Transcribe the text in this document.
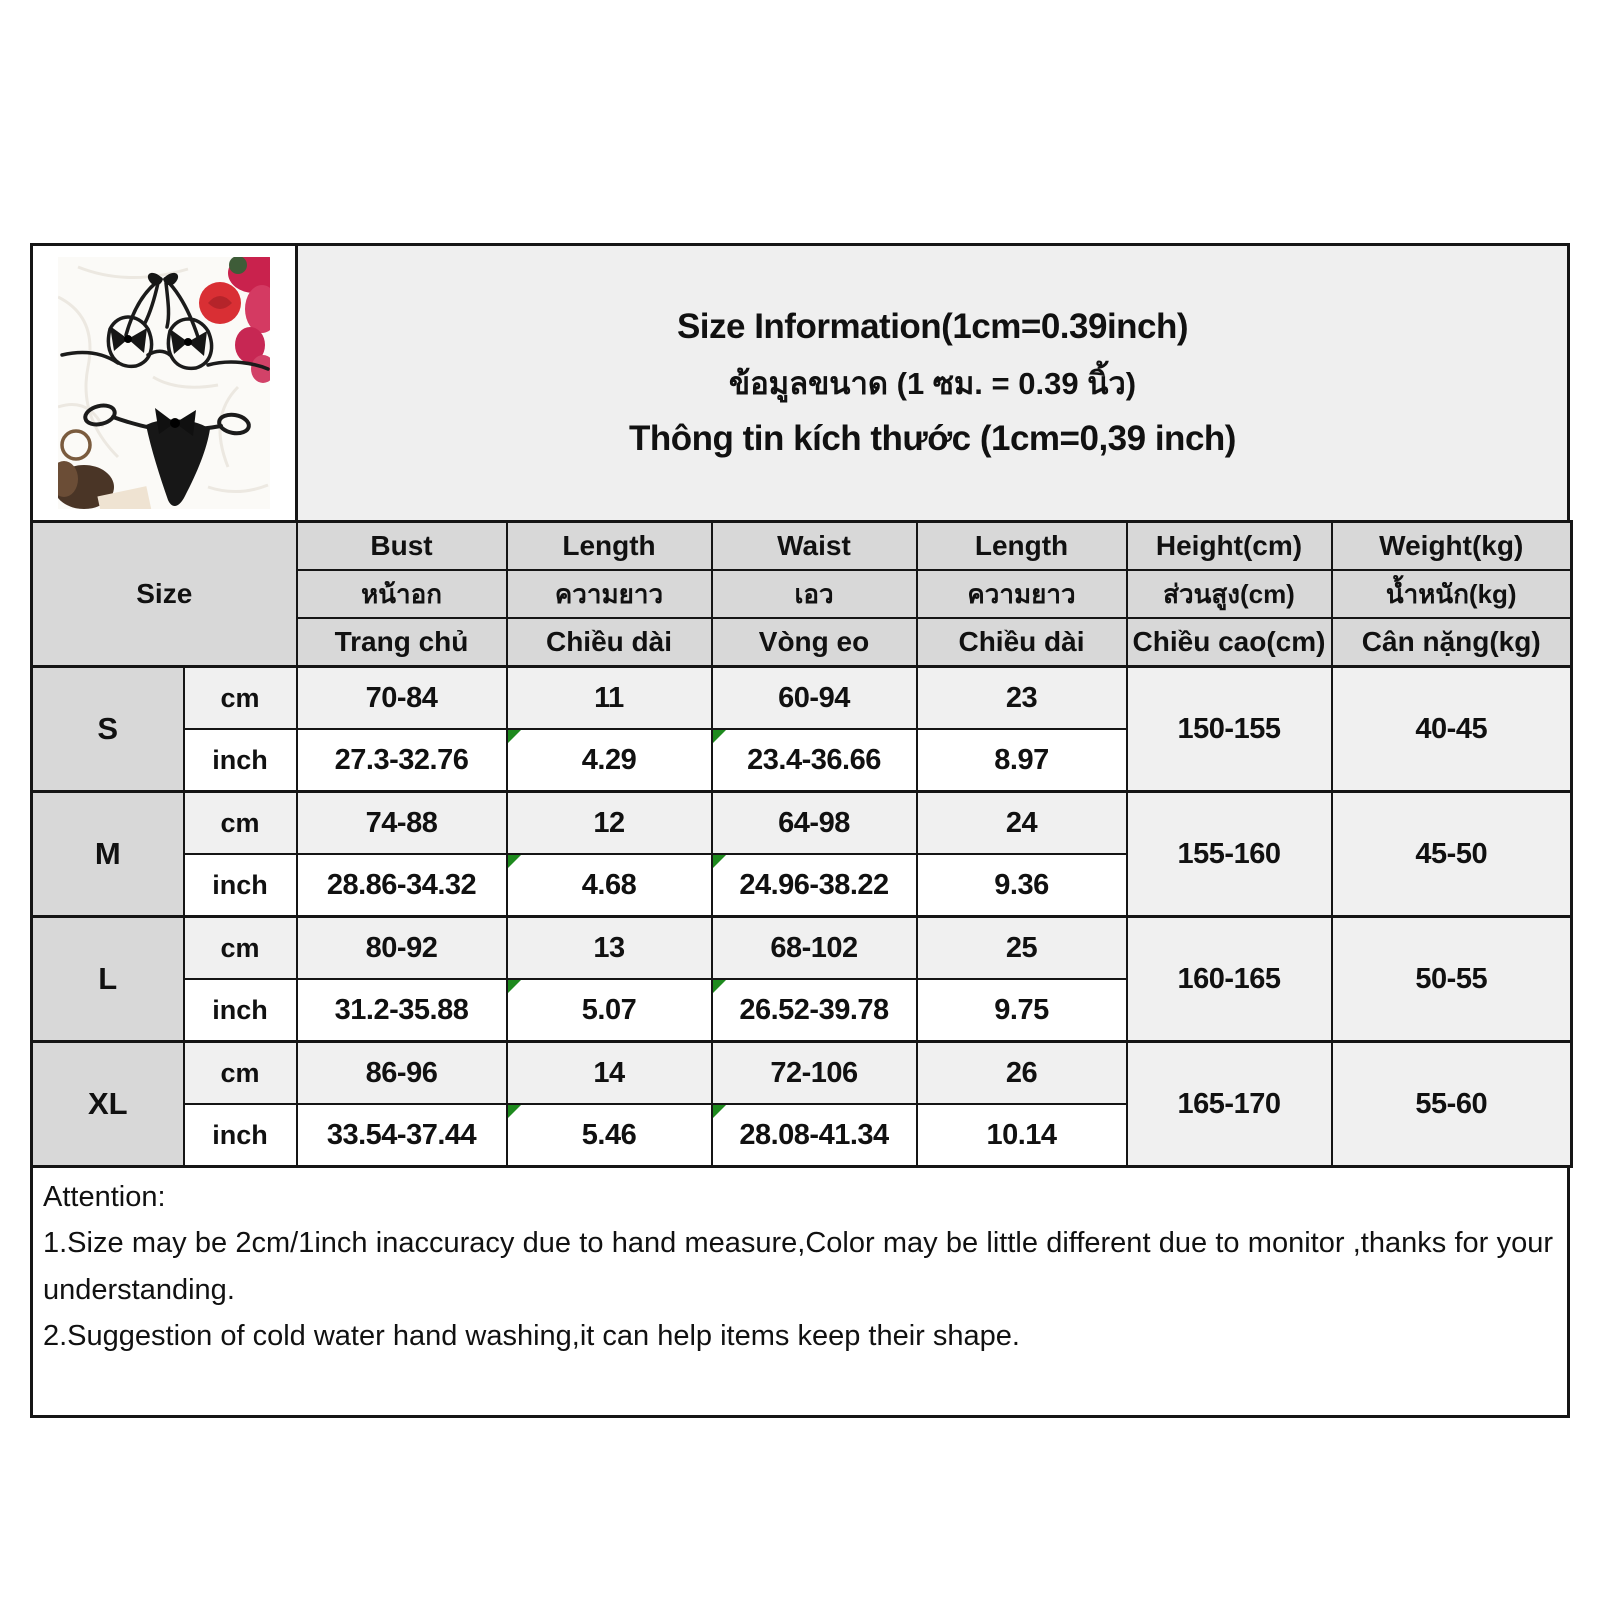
Size Information(1cm=0.39inch)
ข้อมูลขนาด (1 ซม. = 0.39 นิ้ว)
Thông tin kích thước (1cm=0,39 inch)
Size		Bust	Length	Waist	Length	Height(cm)	Weight(kg)
		หน้าอก	ความยาว	เอว	ความยาว	ส่วนสูง(cm)	น้ำหนัก(kg)
		Trang chủ	Chiều dài	Vòng eo	Chiều dài	Chiều cao(cm)	Cân nặng(kg)
S	cm	70-84	11	60-94	23	150-155	40-45
	inch	27.3-32.76	4.29	23.4-36.66	8.97		
M	cm	74-88	12	64-98	24	155-160	45-50
	inch	28.86-34.32	4.68	24.96-38.22	9.36		
L	cm	80-92	13	68-102	25	160-165	50-55
	inch	31.2-35.88	5.07	26.52-39.78	9.75		
XL	cm	86-96	14	72-106	26	165-170	55-60
	inch	33.54-37.44	5.46	28.08-41.34	10.14		

Attention:

1.Size may be 2cm/1inch inaccuracy due to hand measure,Color may be little different due to monitor ,thanks for your understanding.

2.Suggestion of cold water hand washing,it can help items keep their shape.
